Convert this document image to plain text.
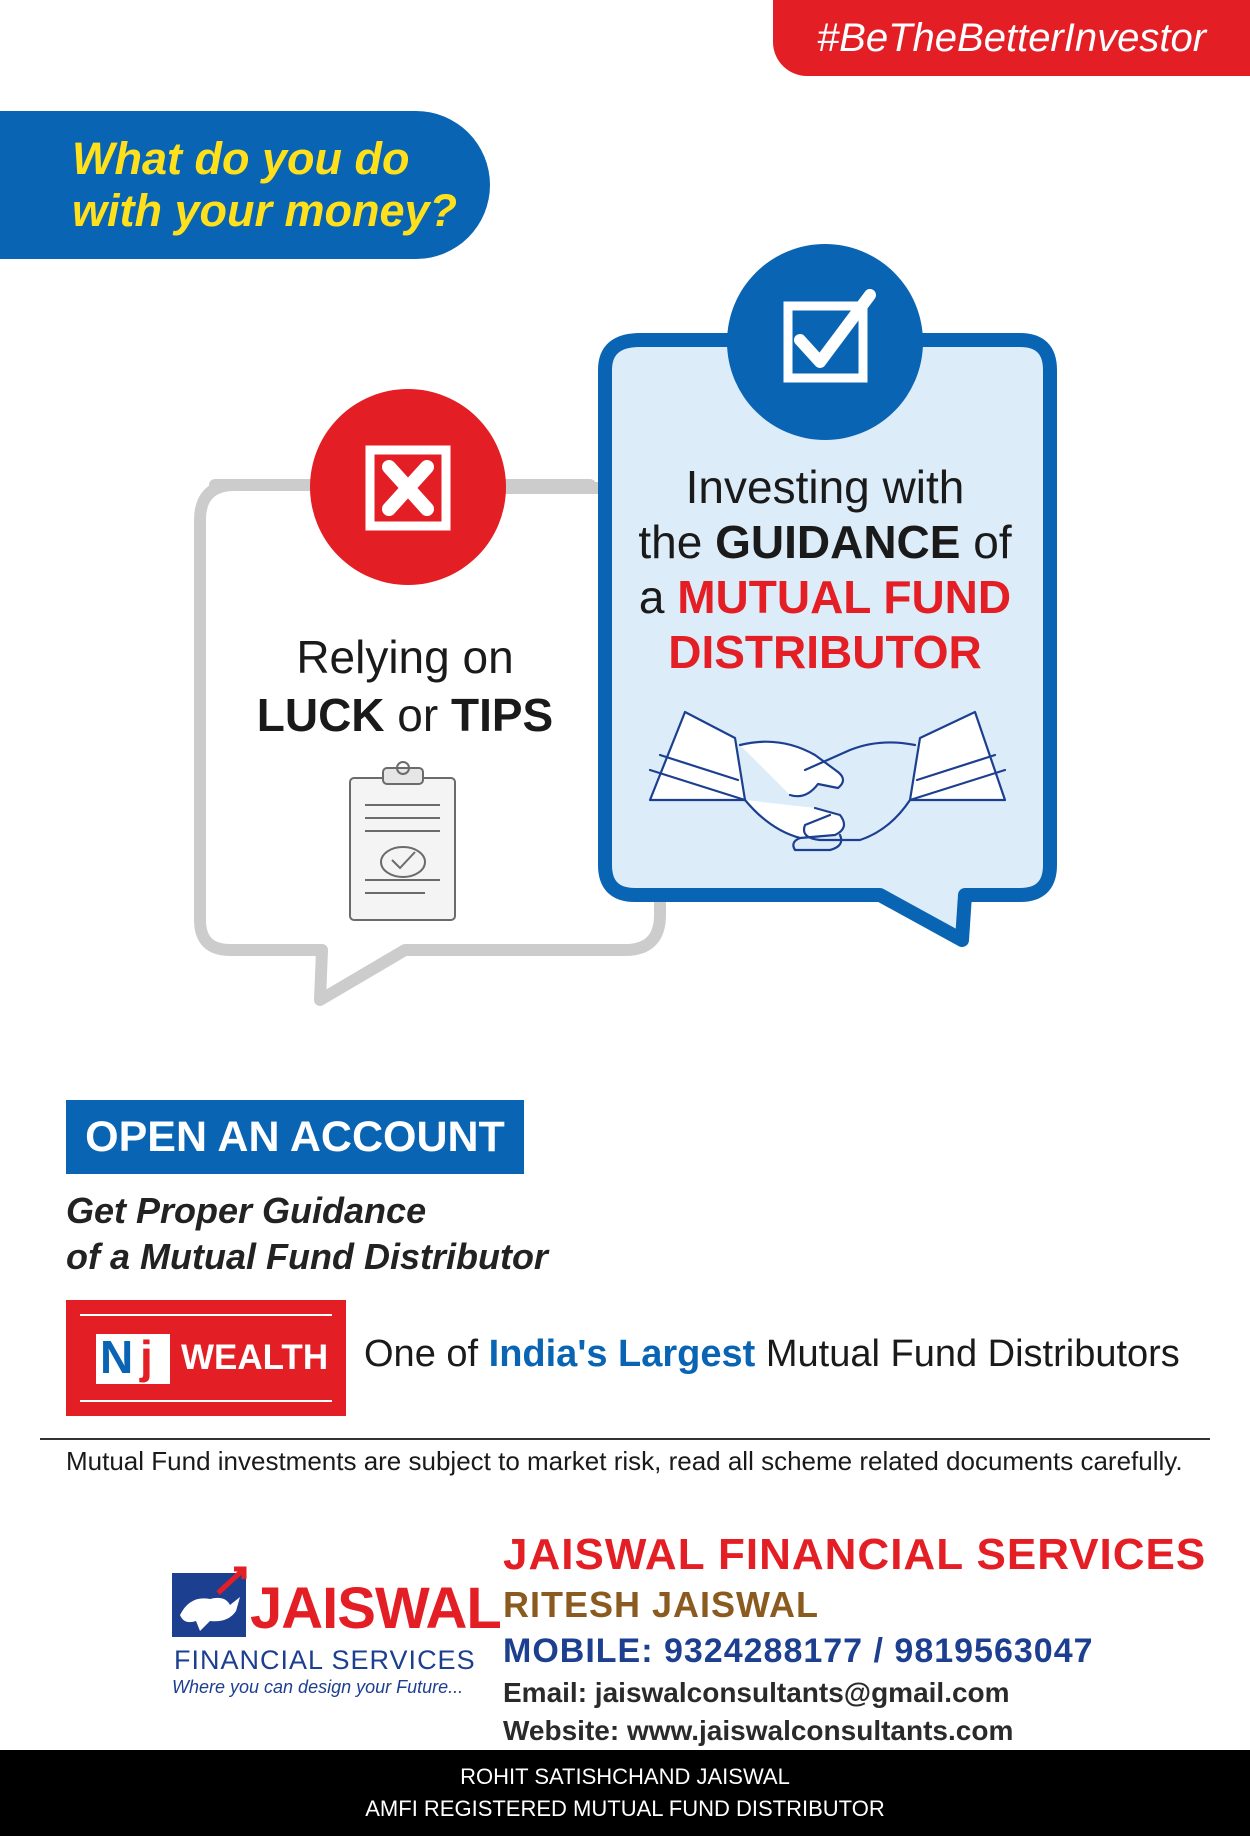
#BeTheBetterInvestor
What do you do
with your money?
Relying on
LUCK or TIPS
Investing with
the GUIDANCE of
a MUTUAL FUND
DISTRIBUTOR
OPEN AN ACCOUNT
Get Proper Guidance
of a Mutual Fund Distributor
N j WEALTH One of India's Largest Mutual Fund Distributors
Mutual Fund investments are subject to market risk, read all scheme related documents carefully.
JAISWAL
FINANCIAL SERVICES
Where you can design your Future...
JAISWAL FINANCIAL SERVICES
RITESH JAISWAL
MOBILE: 9324288177 / 9819563047
Email: jaiswalconsultants@gmail.com
Website: www.jaiswalconsultants.com
ROHIT SATISHCHAND JAISWAL
AMFI REGISTERED MUTUAL FUND DISTRIBUTOR
